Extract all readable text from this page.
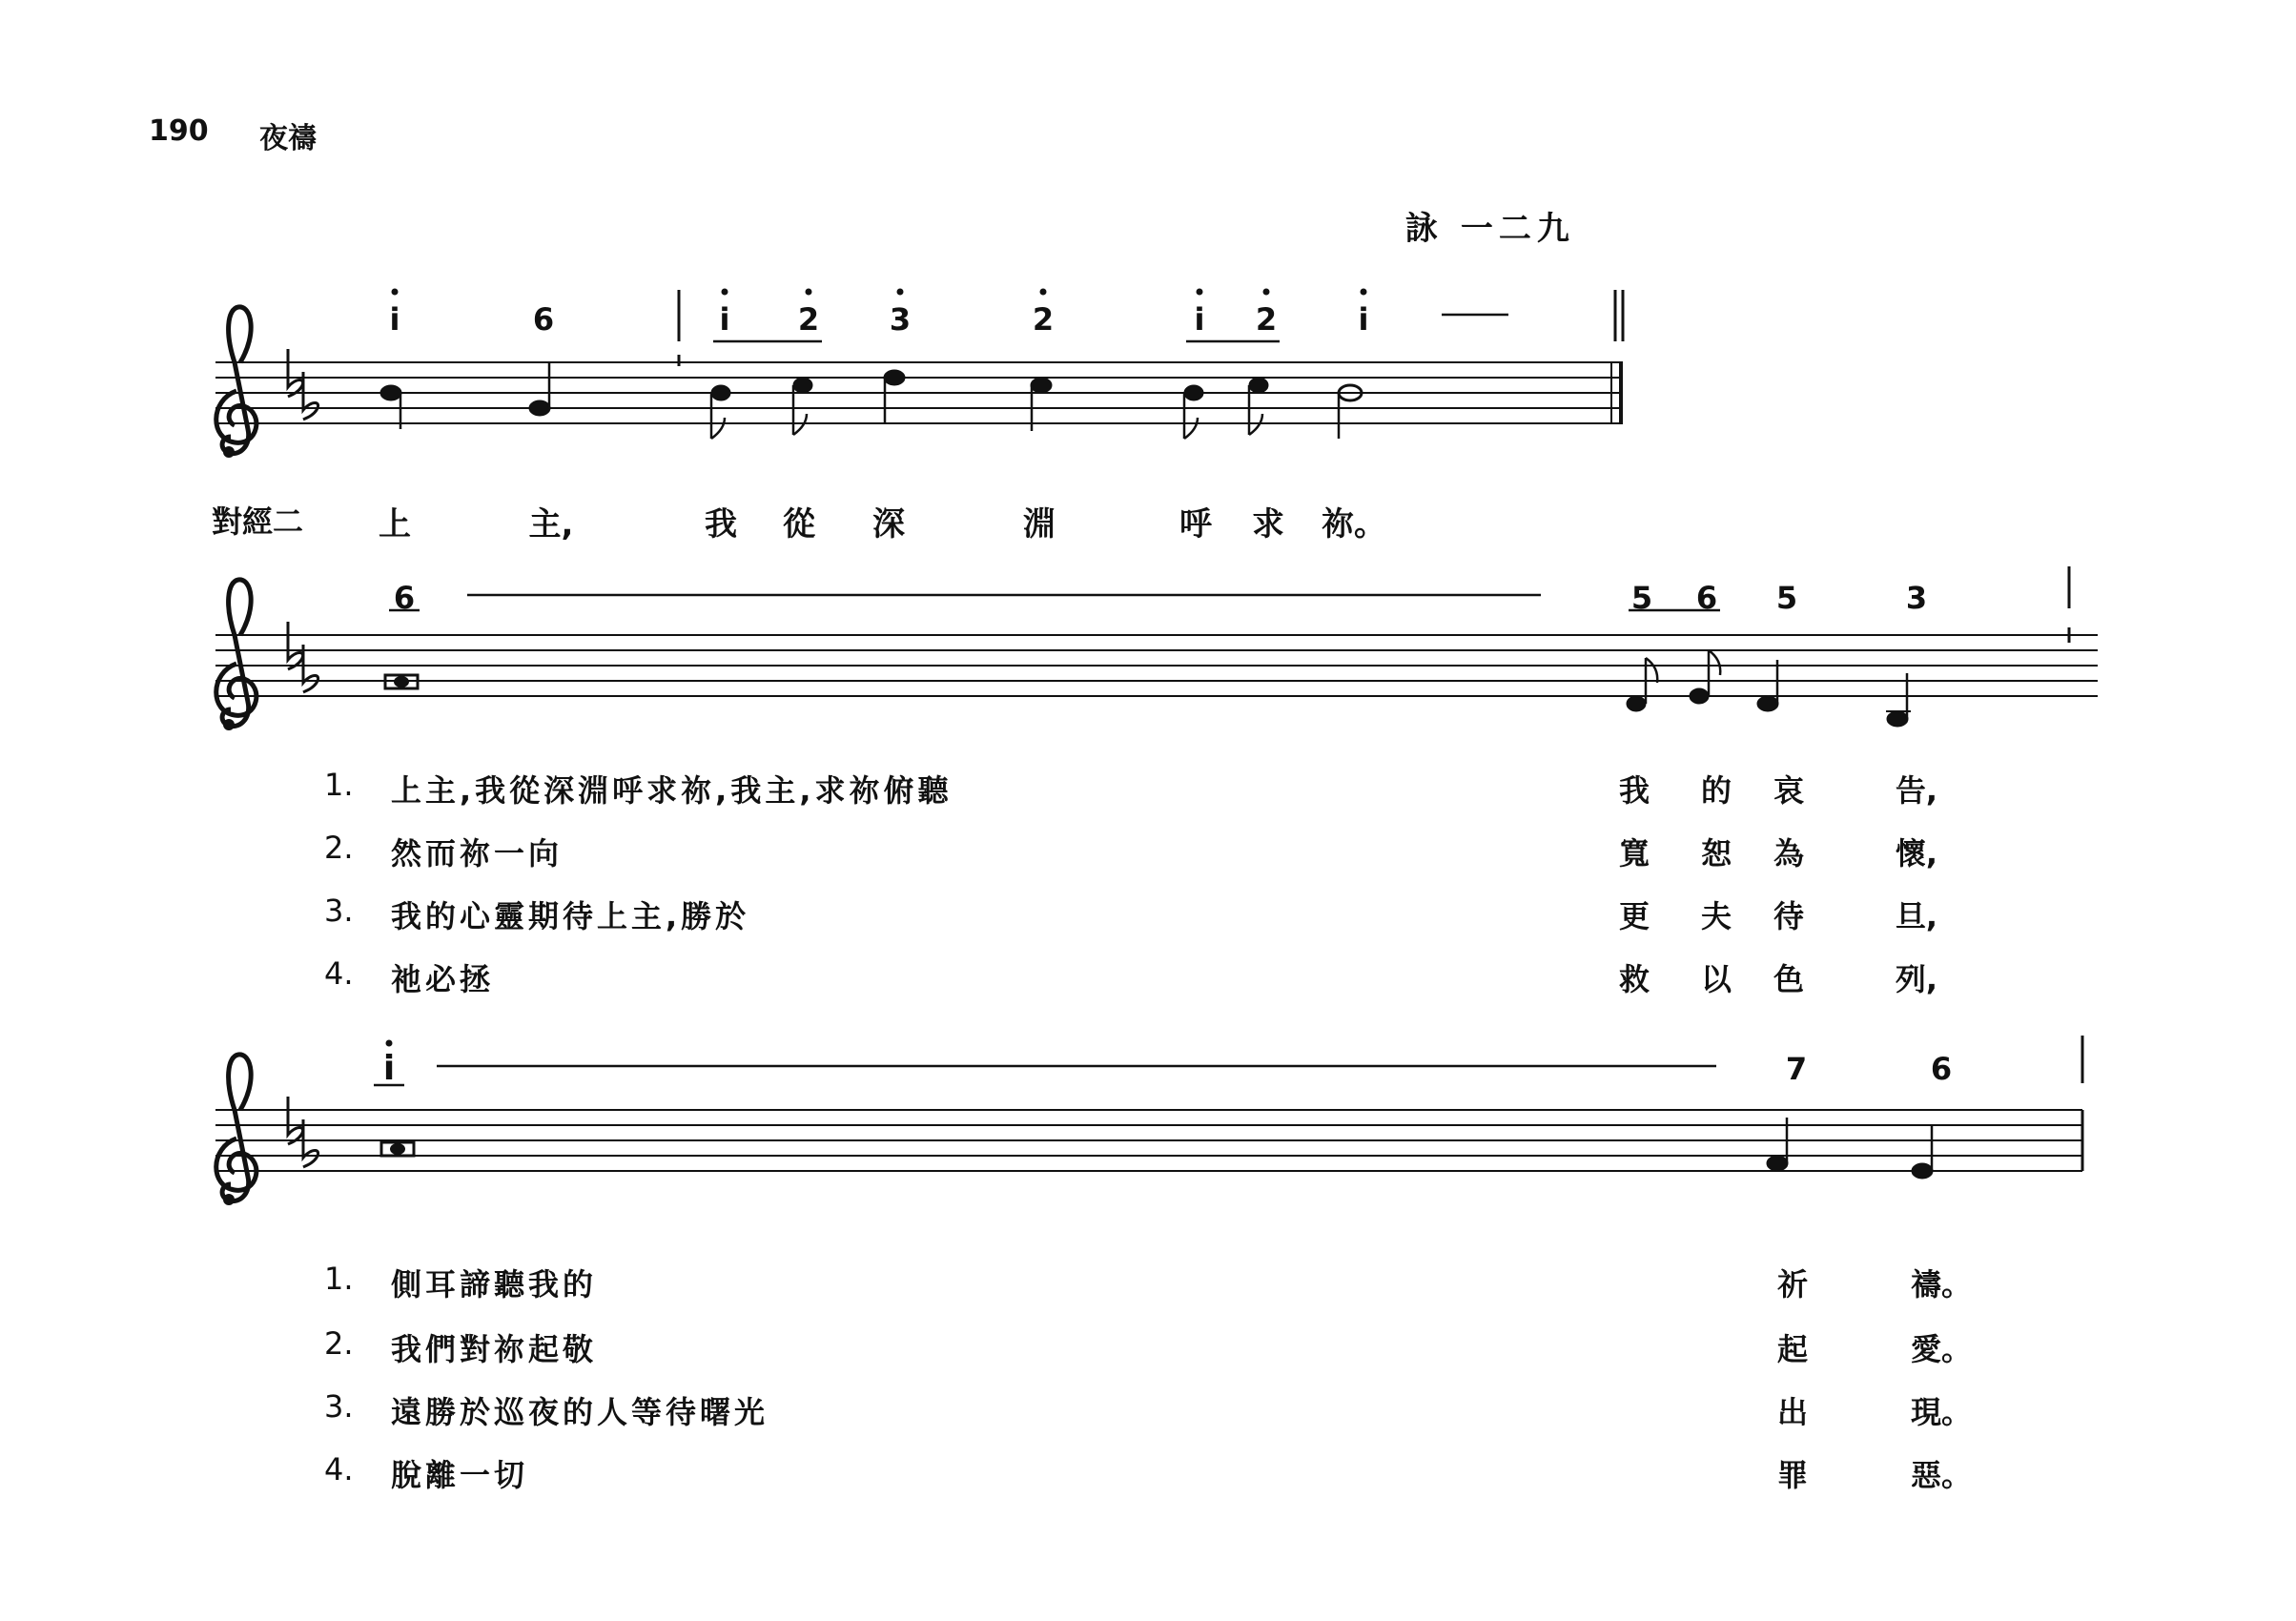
190 夜禱
詠 一二九
i	6	i 2 3	2	i 2	i
對經二 上	主,	我 從 深	淵	呼 求 祢。
6	5 6 5	3
1. 上主,我從深淵呼求祢,我主,求祢俯聽	我 的 哀	告,
2. 然而祢一向	寬 恕 為	懷,
3. 我的心靈期待上主,勝於	更 夫 待	旦,
4. 祂必拯	救 以 色	列,
i	7	6
1. 側耳諦聽我的	祈	禱。
2. 我們對祢起敬	起	愛。
3. 遠勝於巡夜的人等待曙光	出	現。
4. 脫離一切	罪	惡。
